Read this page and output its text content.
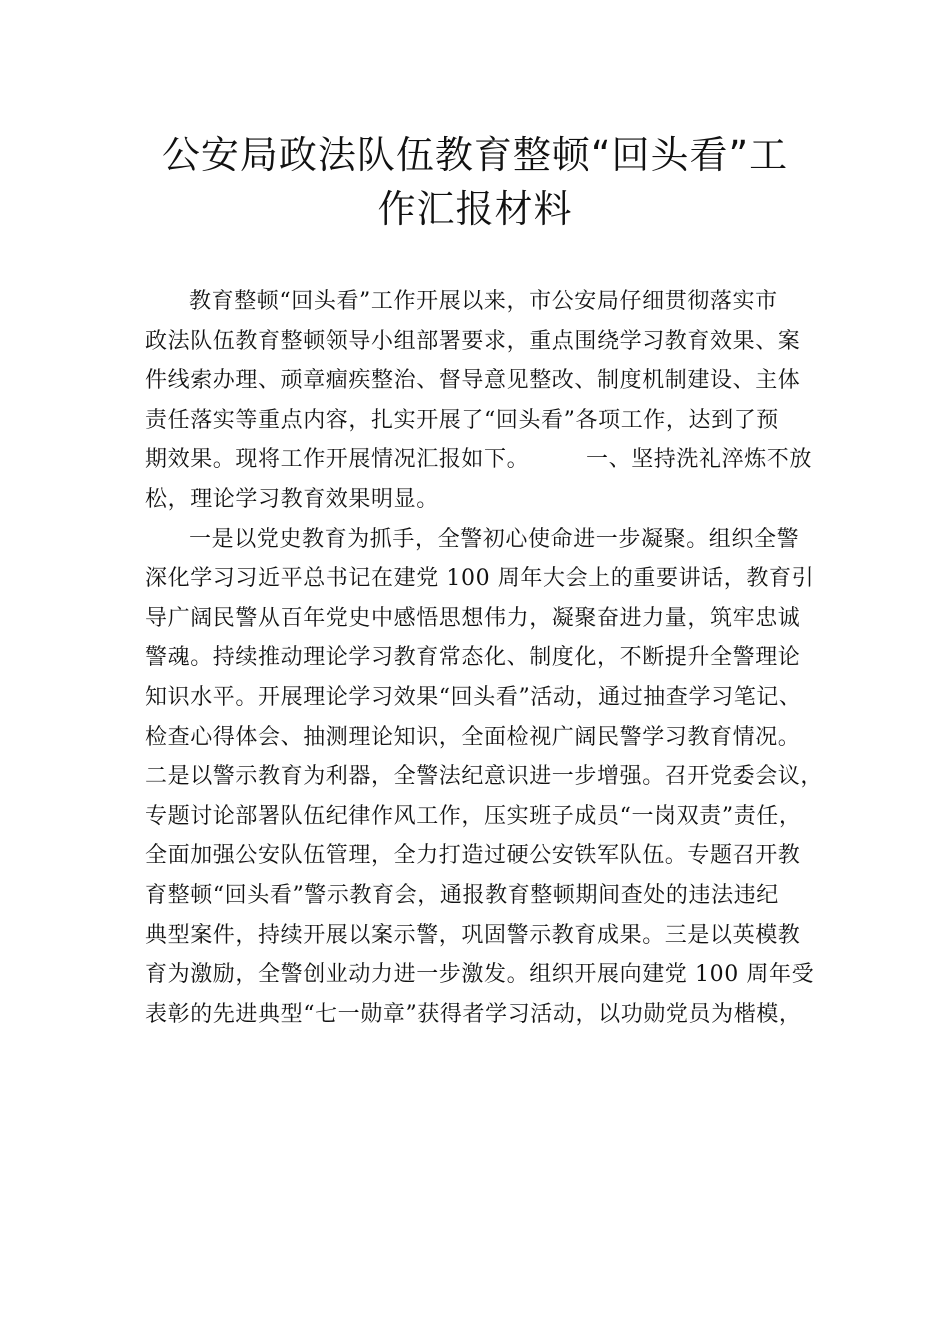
公安局政法队伍教育整顿“回头看”工
作汇报材料
教育整顿“回头看”工作开展以来，市公安局仔细贯彻落实市
政法队伍教育整顿领导小组部署要求，重点围绕学习教育效果、案
件线索办理、顽章痼疾整治、督导意见整改、制度机制建设、主体
责任落实等重点内容，扎实开展了“回头看”各项工作，达到了预
期效果。现将工作开展情况汇报如下。　　　一、坚持洗礼淬炼不放
松，理论学习教育效果明显。
一是以党史教育为抓手，全警初心使命进一步凝聚。组织全警
深化学习习近平总书记在建党 100 周年大会上的重要讲话，教育引
导广阔民警从百年党史中感悟思想伟力，凝聚奋进力量，筑牢忠诚
警魂。持续推动理论学习教育常态化、制度化，不断提升全警理论
知识水平。开展理论学习效果“回头看”活动，通过抽查学习笔记、
检查心得体会、抽测理论知识，全面检视广阔民警学习教育情况。
二是以警示教育为利器，全警法纪意识进一步增强。召开党委会议，
专题讨论部署队伍纪律作风工作，压实班子成员“一岗双责”责任，
全面加强公安队伍管理，全力打造过硬公安铁军队伍。专题召开教
育整顿“回头看”警示教育会，通报教育整顿期间查处的违法违纪
典型案件，持续开展以案示警，巩固警示教育成果。三是以英模教
育为激励，全警创业动力进一步激发。组织开展向建党 100 周年受
表彰的先进典型“七一勋章”获得者学习活动，以功勋党员为楷模，
